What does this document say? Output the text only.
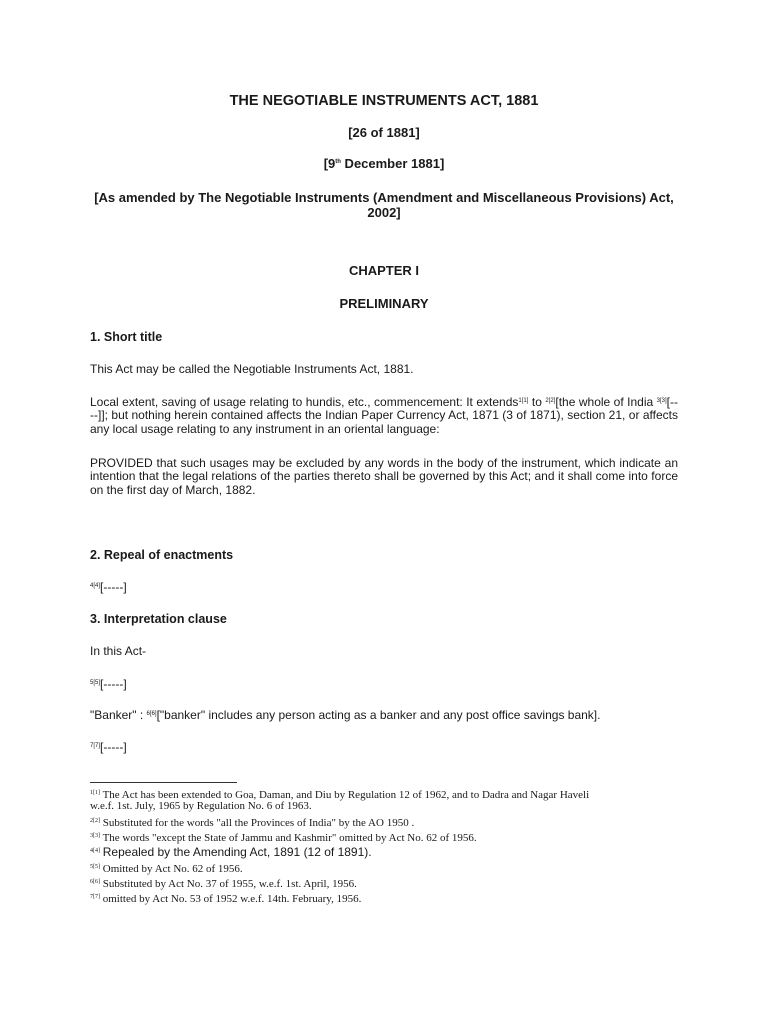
THE NEGOTIABLE INSTRUMENTS ACT, 1881
[26 of 1881]
[9th December 1881]
[As amended by The Negotiable Instruments (Amendment and Miscellaneous Provisions) Act,
2002]
CHAPTER I
PRELIMINARY
1. Short title
This Act may be called the Negotiable Instruments Act, 1881.
Local extent, saving of usage relating to hundis, etc., commencement: It extends$^{1[1]}$ to $^{2[2]}$[the whole of India $^{3[3]}$[----]]; but nothing herein contained affects the Indian Paper Currency Act, 1871 (3 of 1871), section 21, or affects any local usage relating to any instrument in an oriental language:
PROVIDED that such usages may be excluded by any words in the body of the instrument, which indicate an intention that the legal relations of the parties thereto shall be governed by this Act; and it shall come into force on the first day of March, 1882.
2. Repeal of enactments
$^{4[4]}$[-----]
3. Interpretation clause
In this Act-
$^{5[5]}$[-----]
"Banker" : $^{6[6]}$["banker" includes any person acting as a banker and any post office savings bank].
$^{7[7]}$[-----]
$^{1[1]}$ The Act has been extended to Goa, Daman, and Diu by Regulation 12 of 1962, and to Dadra and Nagar Haveli
w.e.f. 1st. July, 1965 by Regulation No. 6 of 1963.
$^{2[2]}$ Substituted for the words "all the Provinces of India" by the AO 1950 .
$^{3[3]}$ The words "except the State of Jammu and Kashmir" omitted by Act No. 62 of 1956.
$^{4[4]}$ Repealed by the Amending Act, 1891 (12 of 1891).
$^{5[5]}$ Omitted by Act No. 62 of 1956.
$^{6[6]}$ Substituted by Act No. 37 of 1955, w.e.f. 1st. April, 1956.
$^{7[7]}$ omitted by Act No. 53 of 1952 w.e.f. 14th. February, 1956.
